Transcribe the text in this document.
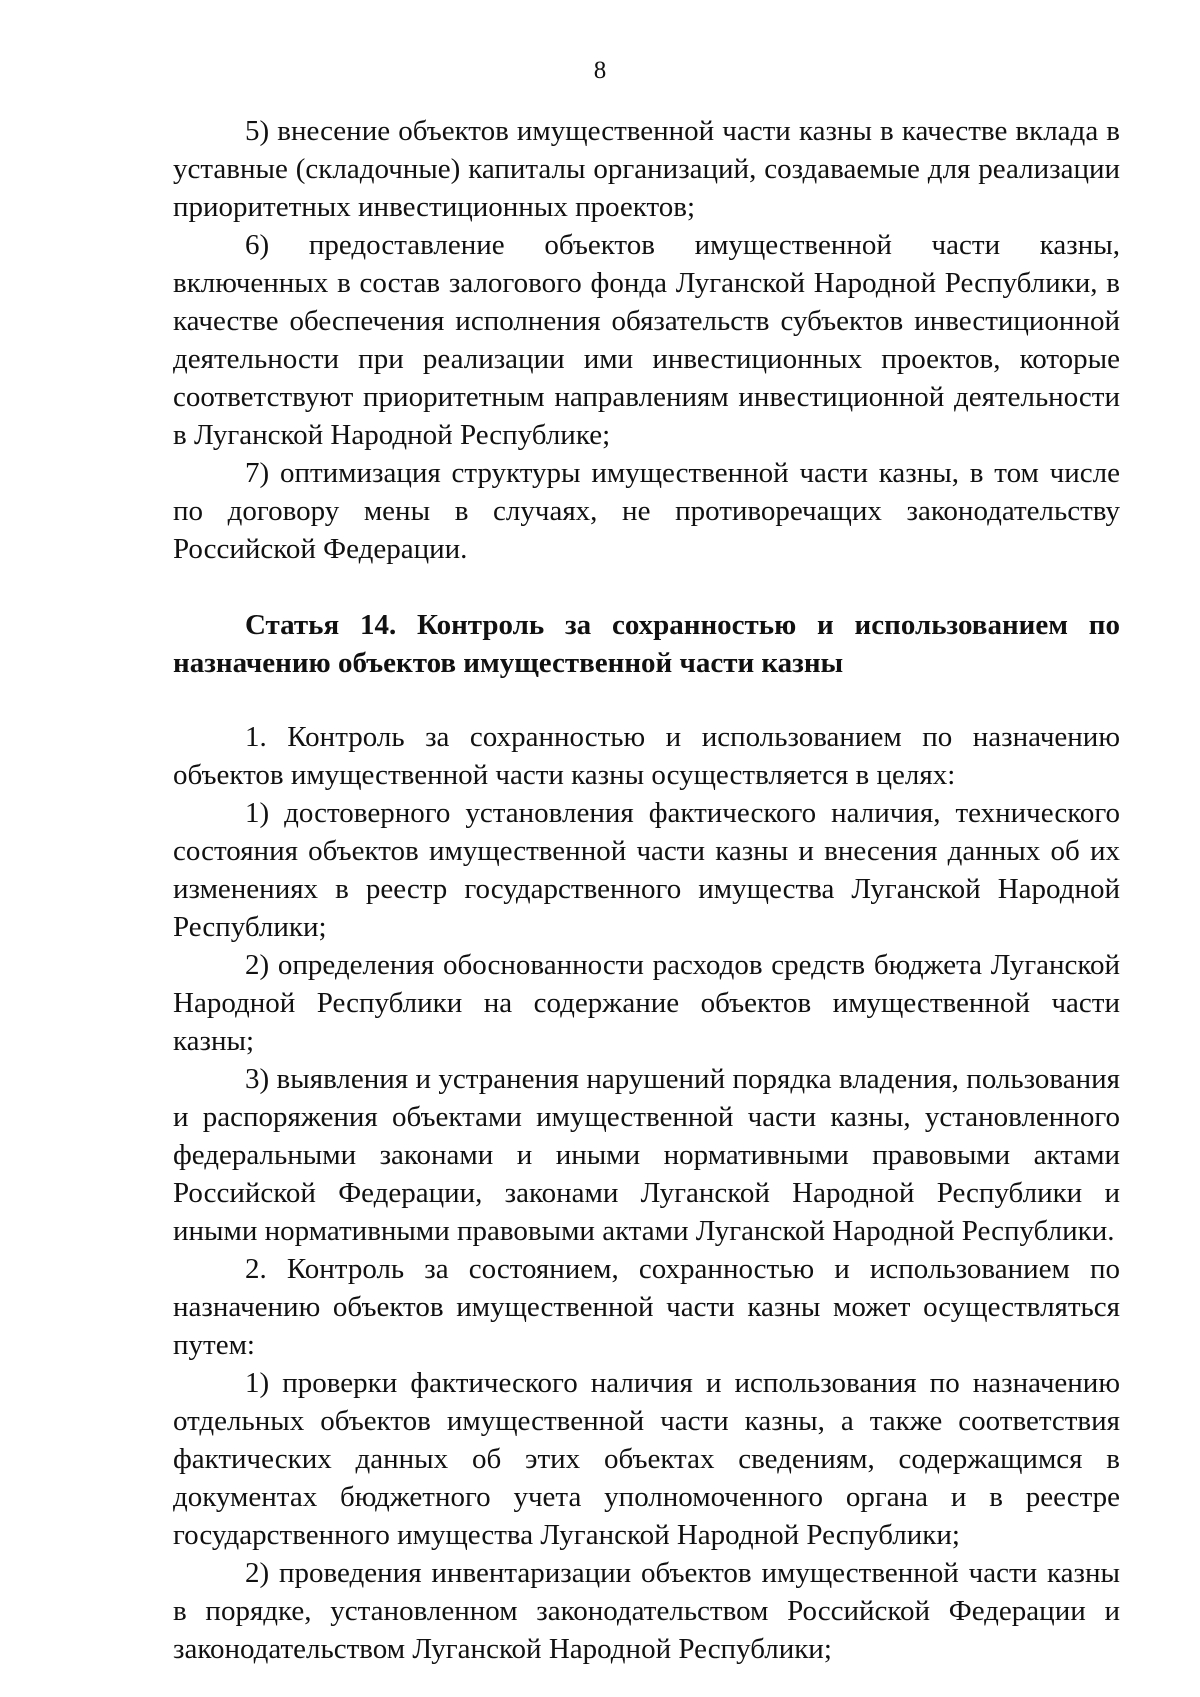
8

5) внесение объектов имущественной части казны в качестве вклада в уставные (складочные) капиталы организаций, создаваемые для реализации приоритетных инвестиционных проектов;

6) предоставление объектов имущественной части казны, включенных в состав залогового фонда Луганской Народной Республики, в качестве обеспечения исполнения обязательств субъектов инвестиционной деятельности при реализации ими инвестиционных проектов, которые соответствуют приоритетным направлениям инвестиционной деятельности в Луганской Народной Республике;

7) оптимизация структуры имущественной части казны, в том числе по договору мены в случаях, не противоречащих законодательству Российской Федерации.

Статья 14. Контроль за сохранностью и использованием по назначению объектов имущественной части казны

1. Контроль за сохранностью и использованием по назначению объектов имущественной части казны осуществляется в целях:

1) достоверного установления фактического наличия, технического состояния объектов имущественной части казны и внесения данных об их изменениях в реестр государственного имущества Луганской Народной Республики;

2) определения обоснованности расходов средств бюджета Луганской Народной Республики на содержание объектов имущественной части казны;

3) выявления и устранения нарушений порядка владения, пользования и распоряжения объектами имущественной части казны, установленного федеральными законами и иными нормативными правовыми актами Российской Федерации, законами Луганской Народной Республики и иными нормативными правовыми актами Луганской Народной Республики.

2. Контроль за состоянием, сохранностью и использованием по назначению объектов имущественной части казны может осуществляться путем:

1) проверки фактического наличия и использования по назначению отдельных объектов имущественной части казны, а также соответствия фактических данных об этих объектах сведениям, содержащимся в документах бюджетного учета уполномоченного органа и в реестре государственного имущества Луганской Народной Республики;

2) проведения инвентаризации объектов имущественной части казны в порядке, установленном законодательством Российской Федерации и законодательством Луганской Народной Республики;
